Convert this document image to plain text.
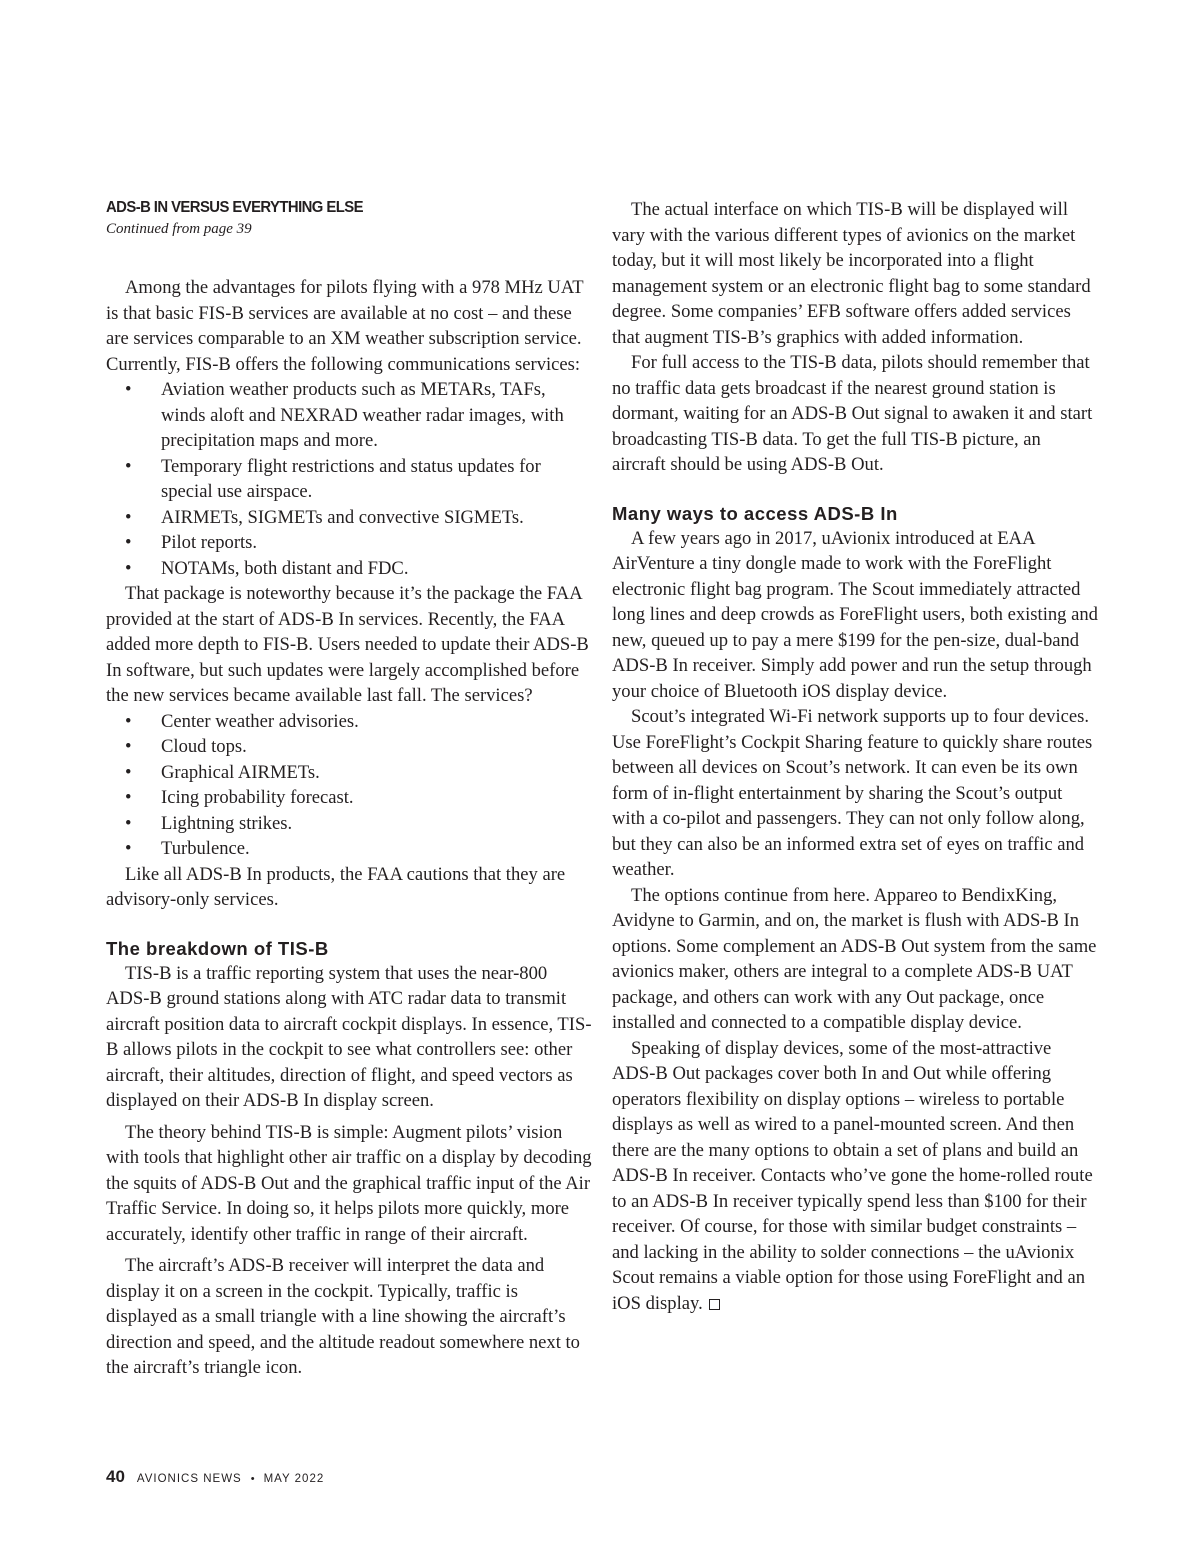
ADS-B IN VERSUS EVERYTHING ELSE
Continued from page 39

Among the advantages for pilots flying with a 978 MHz UAT is that basic FIS-B services are available at no cost – and these are services comparable to an XM weather subscription service. Currently, FIS-B offers the following communications services:

• Aviation weather products such as METARs, TAFs, winds aloft and NEXRAD weather radar images, with precipitation maps and more.
• Temporary flight restrictions and status updates for special use airspace.
• AIRMETs, SIGMETs and convective SIGMETs.
• Pilot reports.
• NOTAMs, both distant and FDC.

That package is noteworthy because it’s the package the FAA provided at the start of ADS-B In services. Recently, the FAA added more depth to FIS-B. Users needed to update their ADS-B In software, but such updates were largely accomplished before the new services became available last fall. The services?

• Center weather advisories.
• Cloud tops.
• Graphical AIRMETs.
• Icing probability forecast.
• Lightning strikes.
• Turbulence.

Like all ADS-B In products, the FAA cautions that they are advisory-only services.

The breakdown of TIS-B

TIS-B is a traffic reporting system that uses the near-800 ADS-B ground stations along with ATC radar data to transmit aircraft position data to aircraft cockpit displays. In essence, TIS-B allows pilots in the cockpit to see what controllers see: other aircraft, their altitudes, direction of flight, and speed vectors as displayed on their ADS-B In display screen.

The theory behind TIS-B is simple: Augment pilots’ vision with tools that highlight other air traffic on a display by decoding the squits of ADS-B Out and the graphical traffic input of the Air Traffic Service. In doing so, it helps pilots more quickly, more accurately, identify other traffic in range of their aircraft.

The aircraft’s ADS-B receiver will interpret the data and display it on a screen in the cockpit. Typically, traffic is displayed as a small triangle with a line showing the aircraft’s direction and speed, and the altitude readout somewhere next to the aircraft’s triangle icon.

The actual interface on which TIS-B will be displayed will vary with the various different types of avionics on the market today, but it will most likely be incorporated into a flight management system or an electronic flight bag to some standard degree. Some companies’ EFB software offers added services that augment TIS-B’s graphics with added information.

For full access to the TIS-B data, pilots should remember that no traffic data gets broadcast if the nearest ground station is dormant, waiting for an ADS-B Out signal to awaken it and start broadcasting TIS-B data. To get the full TIS-B picture, an aircraft should be using ADS-B Out.

Many ways to access ADS-B In

A few years ago in 2017, uAvionix introduced at EAA AirVenture a tiny dongle made to work with the ForeFlight electronic flight bag program. The Scout immediately attracted long lines and deep crowds as ForeFlight users, both existing and new, queued up to pay a mere $199 for the pen-size, dual-band ADS-B In receiver. Simply add power and run the setup through your choice of Bluetooth iOS display device.

Scout’s integrated Wi-Fi network supports up to four devices. Use ForeFlight’s Cockpit Sharing feature to quickly share routes between all devices on Scout’s network. It can even be its own form of in-flight entertainment by sharing the Scout’s output with a co-pilot and passengers. They can not only follow along, but they can also be an informed extra set of eyes on traffic and weather.

The options continue from here. Appareo to BendixKing, Avidyne to Garmin, and on, the market is flush with ADS-B In options. Some complement an ADS-B Out system from the same avionics maker, others are integral to a complete ADS-B UAT package, and others can work with any Out package, once installed and connected to a compatible display device.

Speaking of display devices, some of the most-attractive ADS-B Out packages cover both In and Out while offering operators flexibility on display options – wireless to portable displays as well as wired to a panel-mounted screen. And then there are the many options to obtain a set of plans and build an ADS-B In receiver. Contacts who’ve gone the home-rolled route to an ADS-B In receiver typically spend less than $100 for their receiver. Of course, for those with similar budget constraints – and lacking in the ability to solder connections – the uAvionix Scout remains a viable option for those using ForeFlight and an iOS display.

40 AVIONICS NEWS • MAY 2022
